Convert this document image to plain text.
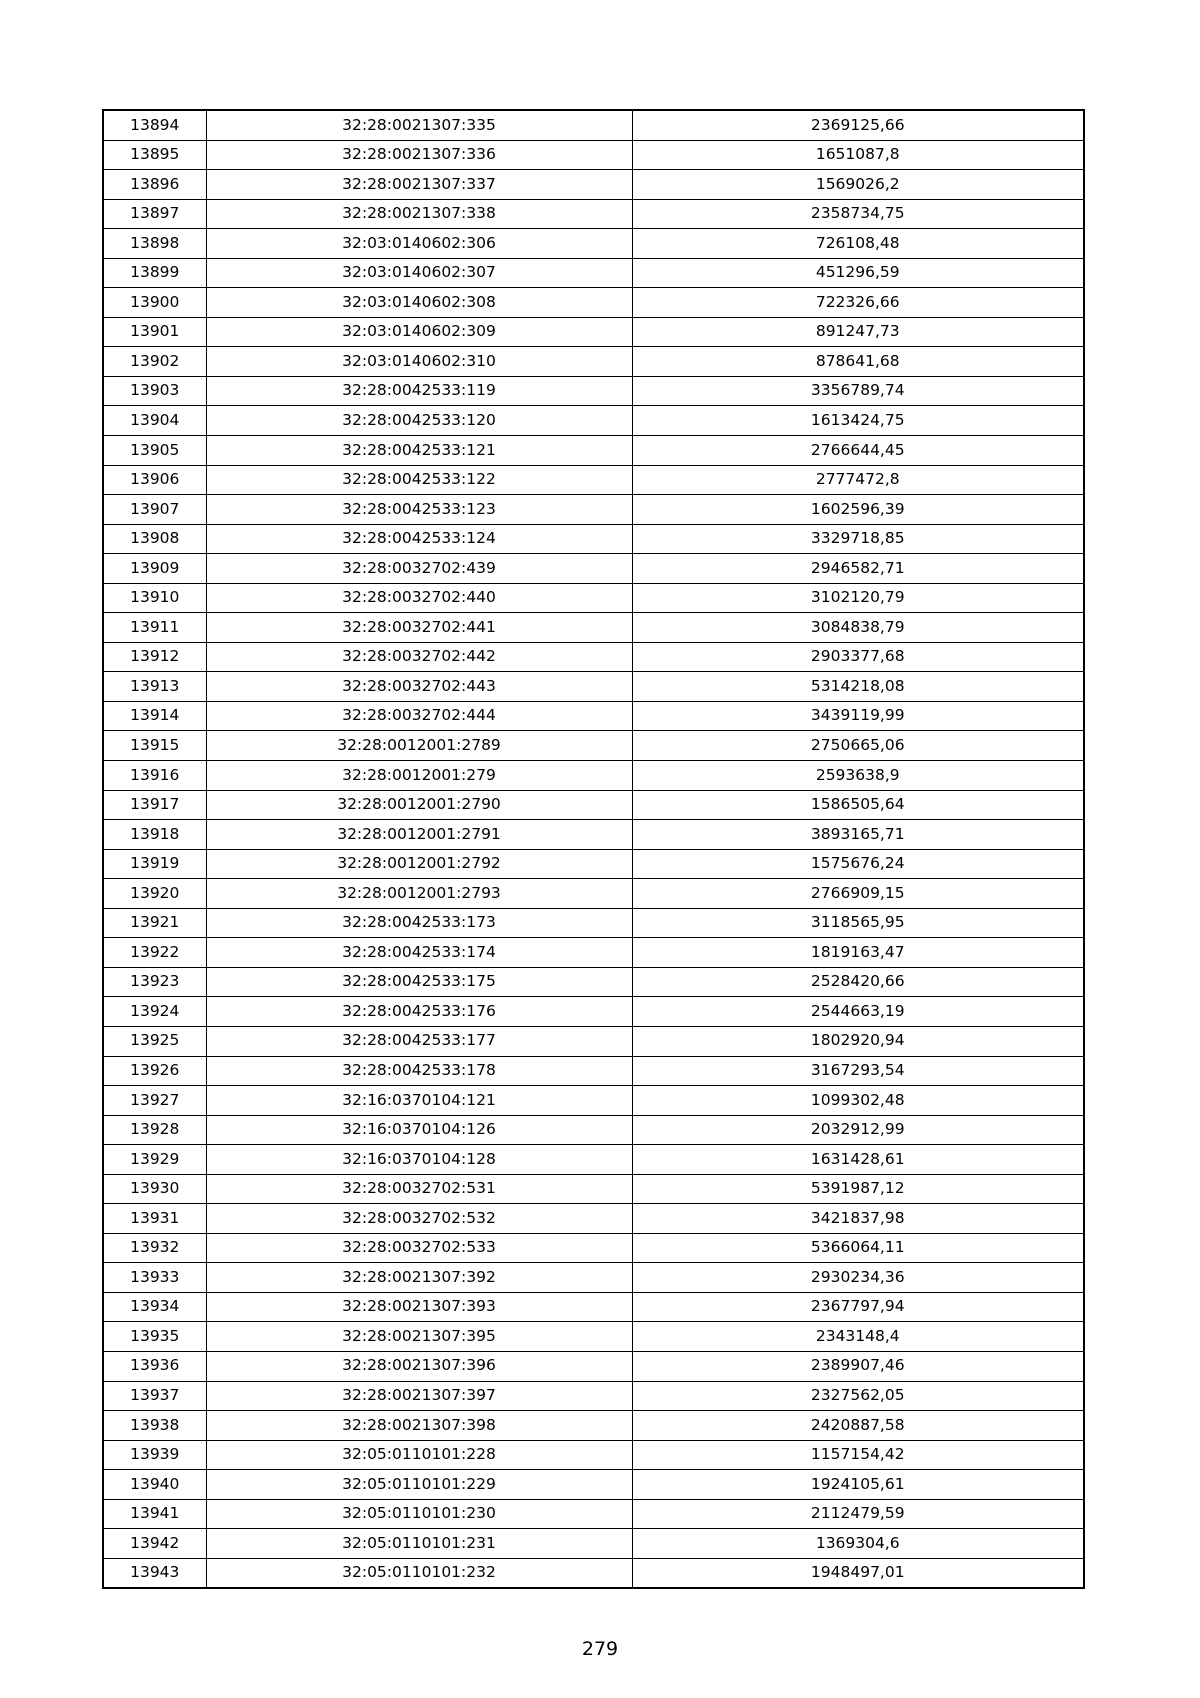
13894	32:28:0021307:335	2369125,66
13895	32:28:0021307:336	1651087,8
13896	32:28:0021307:337	1569026,2
13897	32:28:0021307:338	2358734,75
13898	32:03:0140602:306	726108,48
13899	32:03:0140602:307	451296,59
13900	32:03:0140602:308	722326,66
13901	32:03:0140602:309	891247,73
13902	32:03:0140602:310	878641,68
13903	32:28:0042533:119	3356789,74
13904	32:28:0042533:120	1613424,75
13905	32:28:0042533:121	2766644,45
13906	32:28:0042533:122	2777472,8
13907	32:28:0042533:123	1602596,39
13908	32:28:0042533:124	3329718,85
13909	32:28:0032702:439	2946582,71
13910	32:28:0032702:440	3102120,79
13911	32:28:0032702:441	3084838,79
13912	32:28:0032702:442	2903377,68
13913	32:28:0032702:443	5314218,08
13914	32:28:0032702:444	3439119,99
13915	32:28:0012001:2789	2750665,06
13916	32:28:0012001:279	2593638,9
13917	32:28:0012001:2790	1586505,64
13918	32:28:0012001:2791	3893165,71
13919	32:28:0012001:2792	1575676,24
13920	32:28:0012001:2793	2766909,15
13921	32:28:0042533:173	3118565,95
13922	32:28:0042533:174	1819163,47
13923	32:28:0042533:175	2528420,66
13924	32:28:0042533:176	2544663,19
13925	32:28:0042533:177	1802920,94
13926	32:28:0042533:178	3167293,54
13927	32:16:0370104:121	1099302,48
13928	32:16:0370104:126	2032912,99
13929	32:16:0370104:128	1631428,61
13930	32:28:0032702:531	5391987,12
13931	32:28:0032702:532	3421837,98
13932	32:28:0032702:533	5366064,11
13933	32:28:0021307:392	2930234,36
13934	32:28:0021307:393	2367797,94
13935	32:28:0021307:395	2343148,4
13936	32:28:0021307:396	2389907,46
13937	32:28:0021307:397	2327562,05
13938	32:28:0021307:398	2420887,58
13939	32:05:0110101:228	1157154,42
13940	32:05:0110101:229	1924105,61
13941	32:05:0110101:230	2112479,59
13942	32:05:0110101:231	1369304,6
13943	32:05:0110101:232	1948497,01
279
